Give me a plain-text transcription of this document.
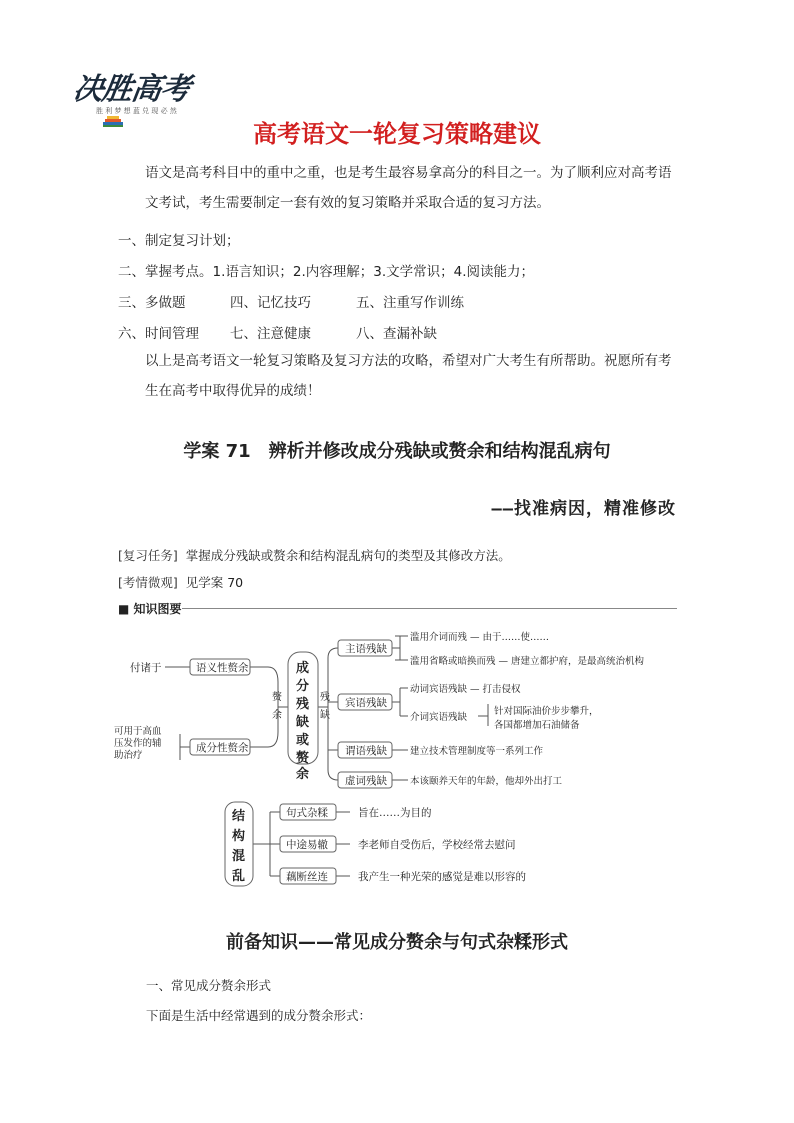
决胜高考
胜 利 梦 想 蓝 兑 现 必 然
高考语文一轮复习策略建议
语文是高考科目中的重中之重，也是考生最容易拿高分的科目之一。为了顺利应对高考语文考试，考生需要制定一套有效的复习策略并采取合适的复习方法。
一、制定复习计划；
二、掌握考点。1.语言知识；2.内容理解；3.文学常识；4.阅读能力；
三、多做题	四、记忆技巧	五、注重写作训练
六、时间管理 七、注意健康	八、查漏补缺
以上是高考语文一轮复习策略及复习方法的攻略，希望对广大考生有所帮助。祝愿所有考生在高考中取得优异的成绩！
学案 71　辨析并修改成分残缺或赘余和结构混乱病句
——找准病因，精准修改
[复习任务] 掌握成分残缺或赘余和结构混乱病句的类型及其修改方法。
[考情微观] 见学案 70
■ 知识图要
付诸于	语义性赘余
成分性赘余
可用于高血
压发作的辅
助治疗
赘
余
残
缺
成
分
残
缺
或
赘
余
主语残缺
宾语残缺
谓语残缺
虚词残缺
滥用介词而残 — 由于……使……
滥用省略或暗换而残 — 唐建立都护府，是最高统治机构
动词宾语残缺 — 打击侵权
介词宾语残缺
针对国际油价步步攀升，
各国都增加石油储备
建立技术管理制度等一系列工作
本该颐养天年的年龄，他却外出打工
结
构
混
乱
句式杂糅
中途易辙
藕断丝连
旨在……为目的
李老师自受伤后，学校经常去慰问
我产生一种光荣的感觉是难以形容的
前备知识——常见成分赘余与句式杂糅形式
一、常见成分赘余形式
下面是生活中经常遇到的成分赘余形式：
